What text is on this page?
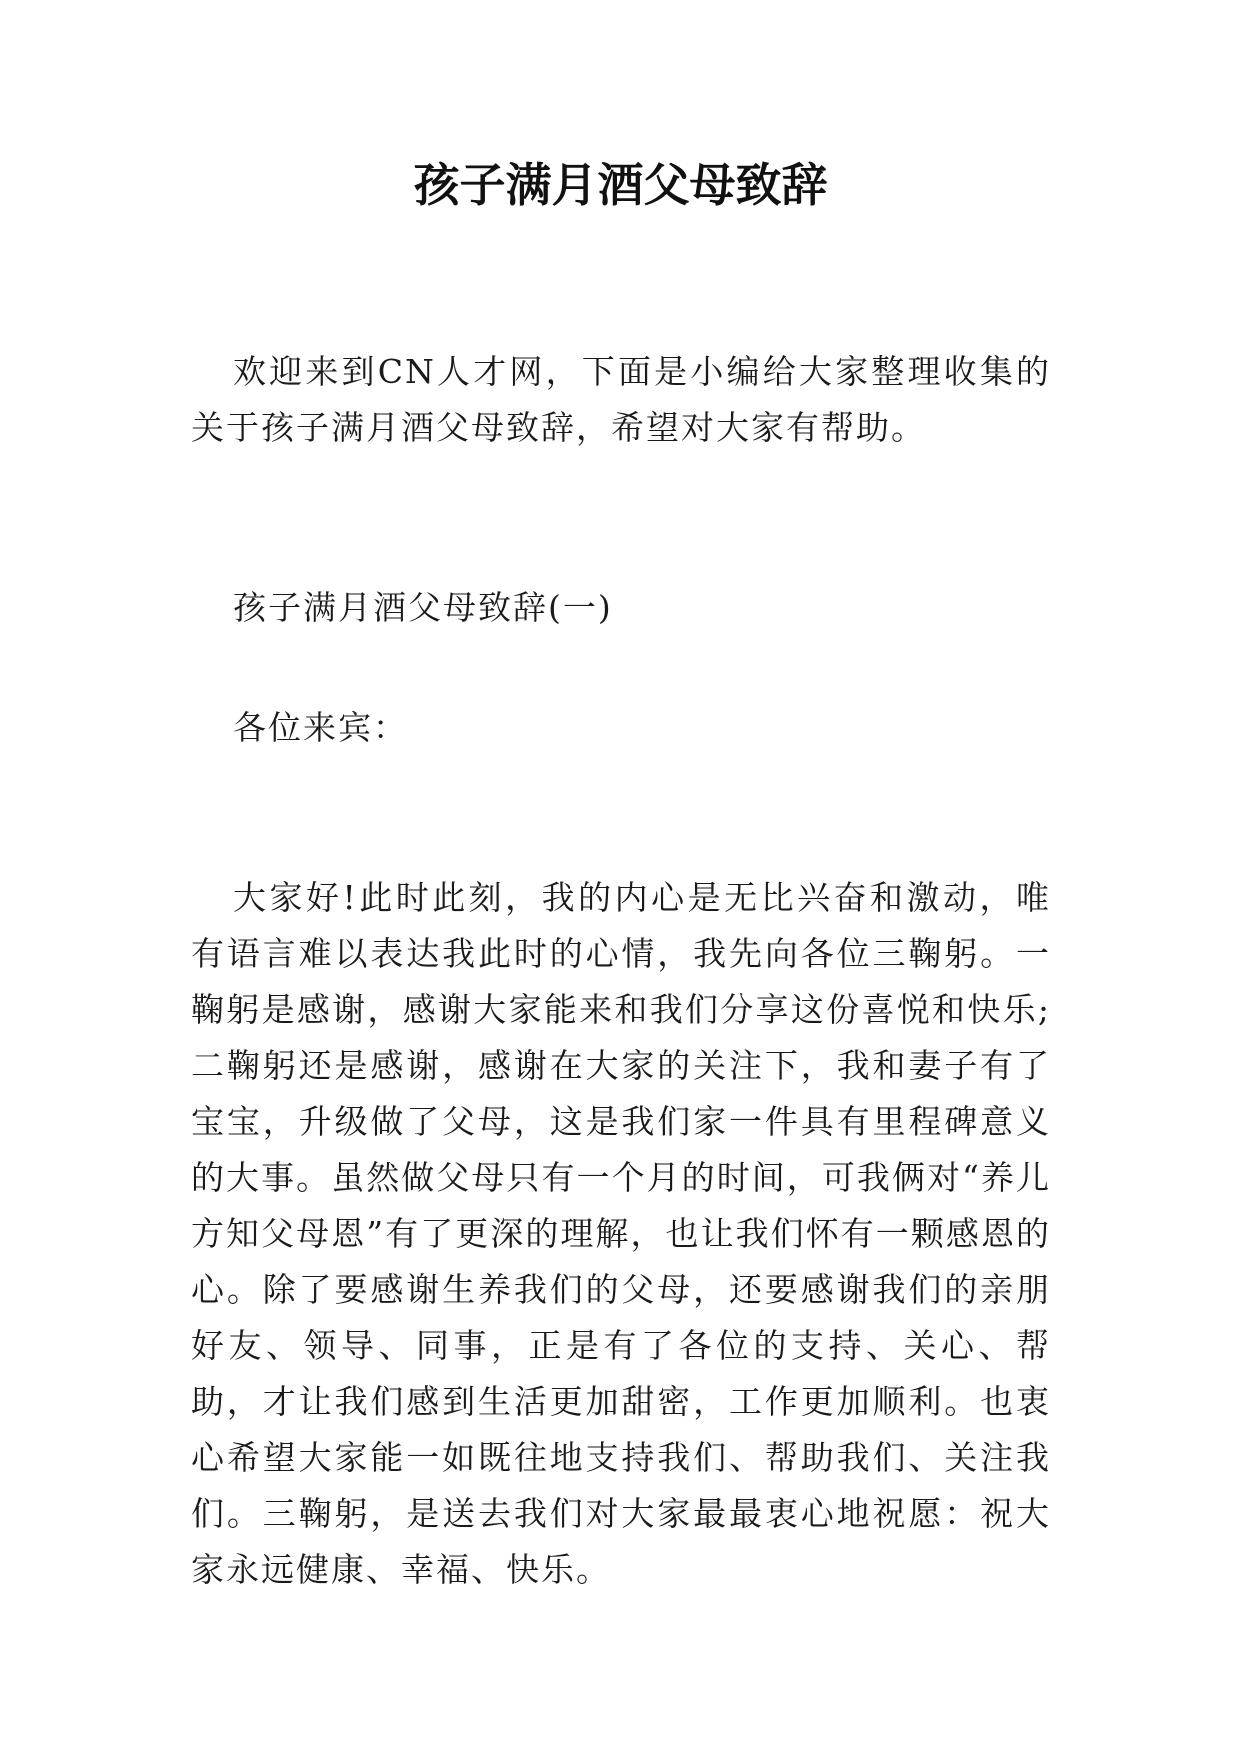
孩子满月酒父母致辞

欢迎来到CN人才网，下面是小编给大家整理收集的关于孩子满月酒父母致辞，希望对大家有帮助。

孩子满月酒父母致辞(一)

各位来宾：

大家好!此时此刻，我的内心是无比兴奋和激动，唯有语言难以表达我此时的心情，我先向各位三鞠躬。一鞠躬是感谢，感谢大家能来和我们分享这份喜悦和快乐;二鞠躬还是感谢，感谢在大家的关注下，我和妻子有了宝宝，升级做了父母，这是我们家一件具有里程碑意义的大事。虽然做父母只有一个月的时间，可我俩对“养儿方知父母恩”有了更深的理解，也让我们怀有一颗感恩的心。除了要感谢生养我们的父母，还要感谢我们的亲朋好友、领导、同事，正是有了各位的支持、关心、帮助，才让我们感到生活更加甜密，工作更加顺利。也衷心希望大家能一如既往地支持我们、帮助我们、关注我们。三鞠躬，是送去我们对大家最最衷心地祝愿：祝大家永远健康、幸福、快乐。
